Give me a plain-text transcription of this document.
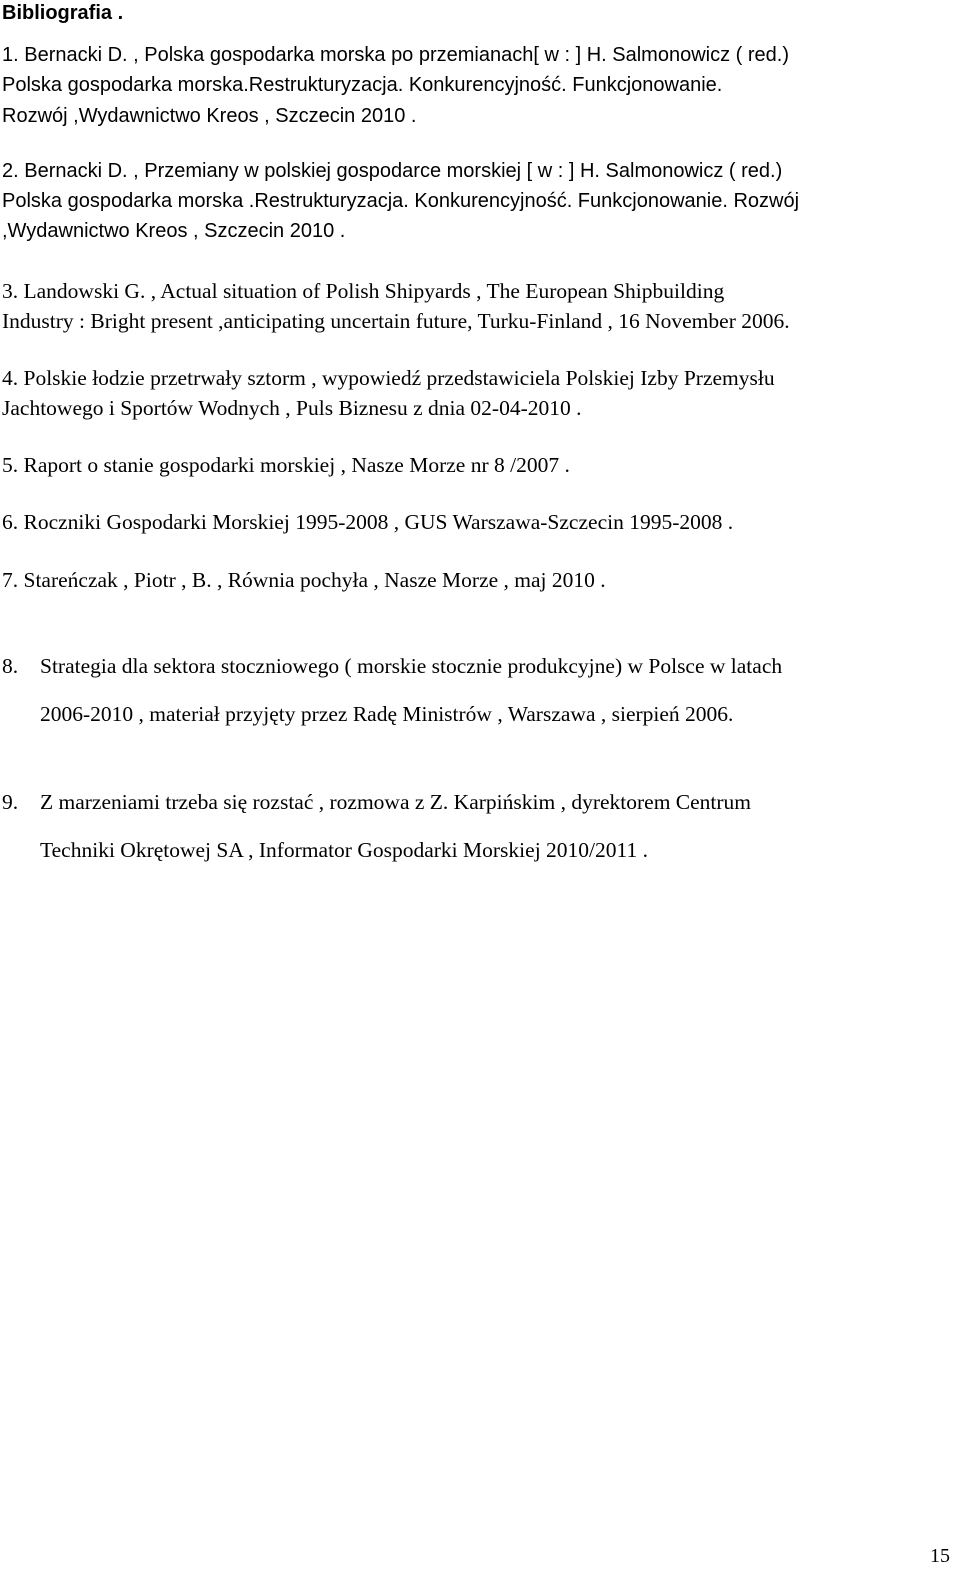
Bibliografia .
1. Bernacki D. , Polska gospodarka morska po przemianach[ w : ] H. Salmonowicz ( red.)
Polska gospodarka morska.Restrukturyzacja. Konkurencyjność. Funkcjonowanie.
Rozwój ,Wydawnictwo Kreos , Szczecin 2010 .
2. Bernacki D. , Przemiany w polskiej gospodarce morskiej [ w : ] H. Salmonowicz ( red.)
Polska gospodarka morska .Restrukturyzacja. Konkurencyjność. Funkcjonowanie. Rozwój
,Wydawnictwo Kreos , Szczecin 2010 .
3. Landowski G. , Actual situation of Polish Shipyards , The European Shipbuilding
Industry : Bright present ,anticipating uncertain future, Turku-Finland , 16 November 2006.
4. Polskie łodzie przetrwały sztorm , wypowiedź przedstawiciela Polskiej Izby Przemysłu
Jachtowego i Sportów Wodnych , Puls Biznesu z dnia 02-04-2010 .
5. Raport o stanie gospodarki morskiej , Nasze Morze nr 8 /2007 .
6. Roczniki Gospodarki Morskiej 1995-2008 , GUS Warszawa-Szczecin 1995-2008 .
7. Stareńczak , Piotr , B. , Równia pochyła , Nasze Morze , maj 2010 .
8. Strategia dla sektora stoczniowego ( morskie stocznie produkcyjne) w Polsce w latach
2006-2010 , materiał przyjęty przez Radę Ministrów , Warszawa , sierpień 2006.
9. Z marzeniami trzeba się rozstać , rozmowa z Z. Karpińskim , dyrektorem Centrum
Techniki Okrętowej SA , Informator Gospodarki Morskiej 2010/2011 .
15
